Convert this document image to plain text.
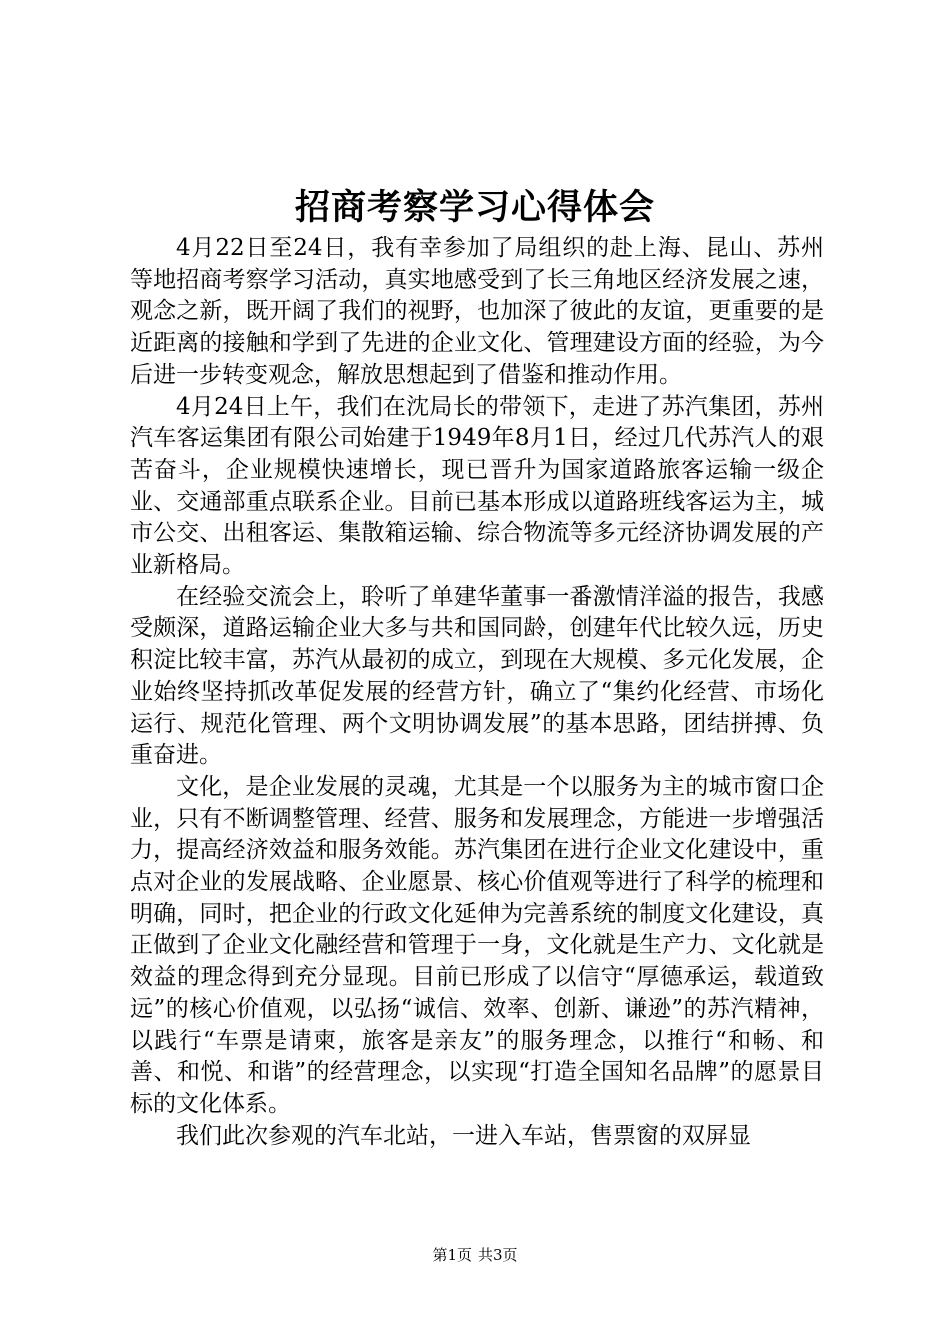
招商考察学习心得体会

4月22日至24日，我有幸参加了局组织的赴上海、昆山、苏州等地招商考察学习活动，真实地感受到了长三角地区经济发展之速，观念之新，既开阔了我们的视野，也加深了彼此的友谊，更重要的是近距离的接触和学到了先进的企业文化、管理建设方面的经验，为今后进一步转变观念，解放思想起到了借鉴和推动作用。

4月24日上午，我们在沈局长的带领下，走进了苏汽集团，苏州汽车客运集团有限公司始建于1949年8月1日，经过几代苏汽人的艰苦奋斗，企业规模快速增长，现已晋升为国家道路旅客运输一级企业、交通部重点联系企业。目前已基本形成以道路班线客运为主，城市公交、出租客运、集散箱运输、综合物流等多元经济协调发展的产业新格局。

在经验交流会上，聆听了单建华董事一番激情洋溢的报告，我感受颇深，道路运输企业大多与共和国同龄，创建年代比较久远，历史积淀比较丰富，苏汽从最初的成立，到现在大规模、多元化发展，企业始终坚持抓改革促发展的经营方针，确立了“集约化经营、市场化运行、规范化管理、两个文明协调发展”的基本思路，团结拼搏、负重奋进。

文化，是企业发展的灵魂，尤其是一个以服务为主的城市窗口企业，只有不断调整管理、经营、服务和发展理念，方能进一步增强活力，提高经济效益和服务效能。苏汽集团在进行企业文化建设中，重点对企业的发展战略、企业愿景、核心价值观等进行了科学的梳理和明确，同时，把企业的行政文化延伸为完善系统的制度文化建设，真正做到了企业文化融经营和管理于一身，文化就是生产力、文化就是效益的理念得到充分显现。目前已形成了以信守“厚德承运，载道致远”的核心价值观，以弘扬“诚信、效率、创新、谦逊”的苏汽精神，以践行“车票是请柬，旅客是亲友”的服务理念，以推行“和畅、和善、和悦、和谐”的经营理念，以实现“打造全国知名品牌”的愿景目标的文化体系。

我们此次参观的汽车北站，一进入车站，售票窗的双屏显

第1页 共3页
